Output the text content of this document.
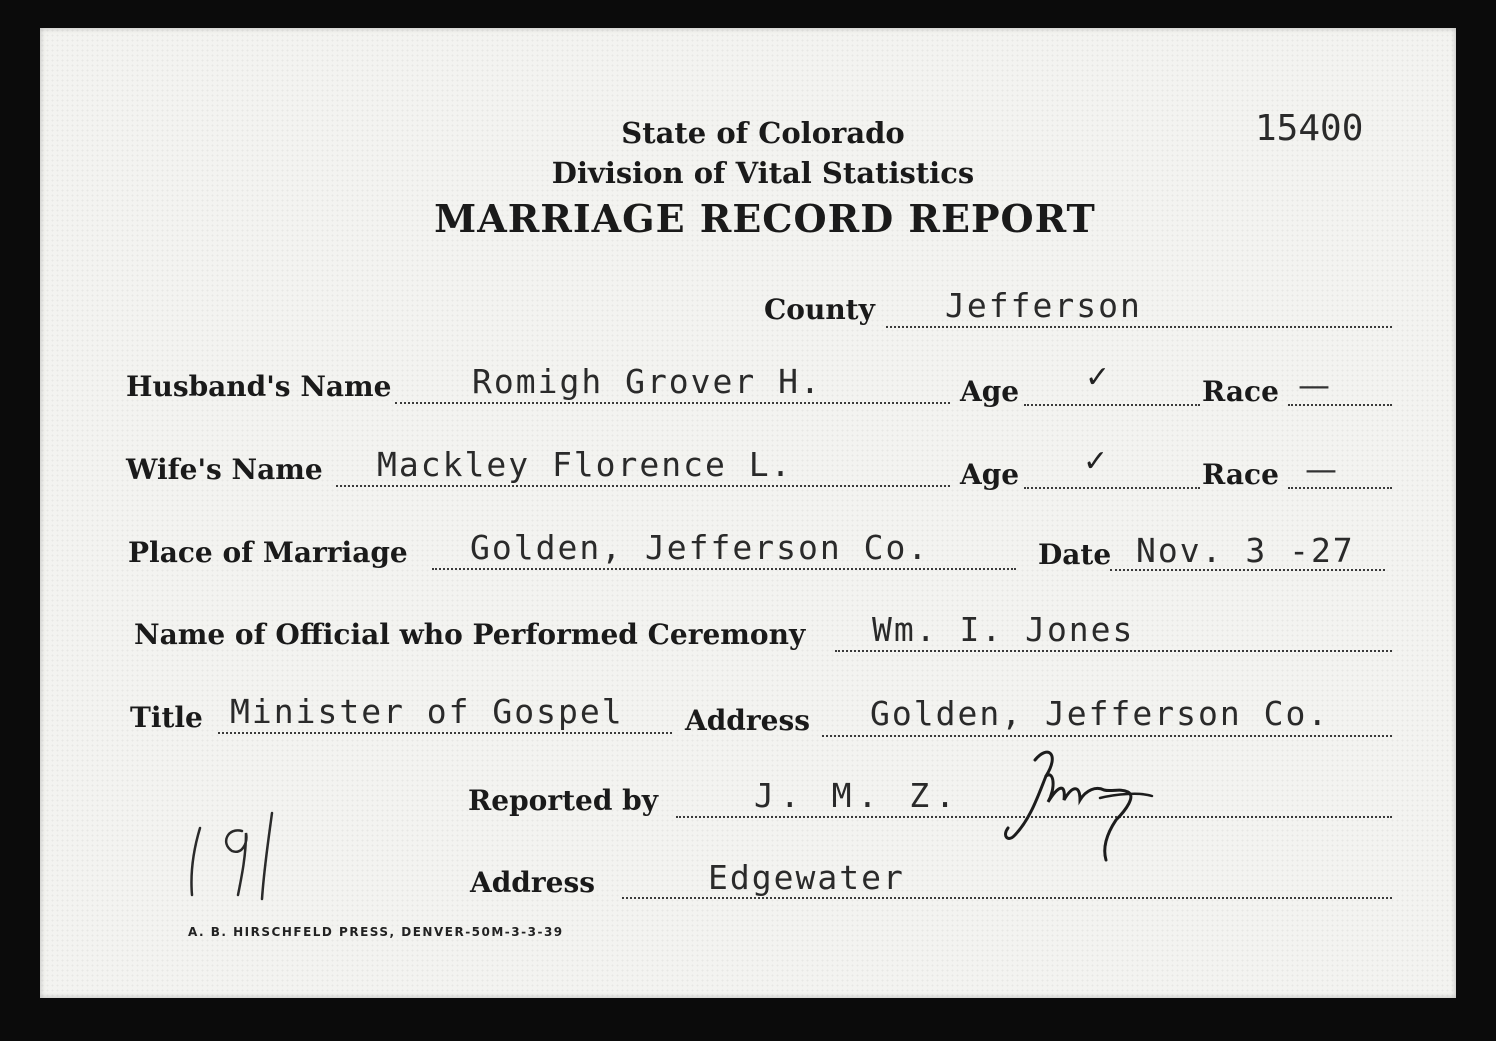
State of Colorado
Division of Vital Statistics
MARRIAGE RECORD REPORT
15400
County Jefferson
Husband's Name Romigh Grover H.	Age ✓	Race —
Wife's Name Mackley Florence L.	Age ✓	Race —
Place of Marriage Golden, Jefferson Co.	Date Nov. 3 -27
Name of Official who Performed Ceremony Wm. I. Jones
Title Minister of Gospel Address Golden, Jefferson Co.
Reported by	J. M. Z.
Address	Edgewater
A. B. HIRSCHFELD PRESS, DENVER-50M-3-3-39
